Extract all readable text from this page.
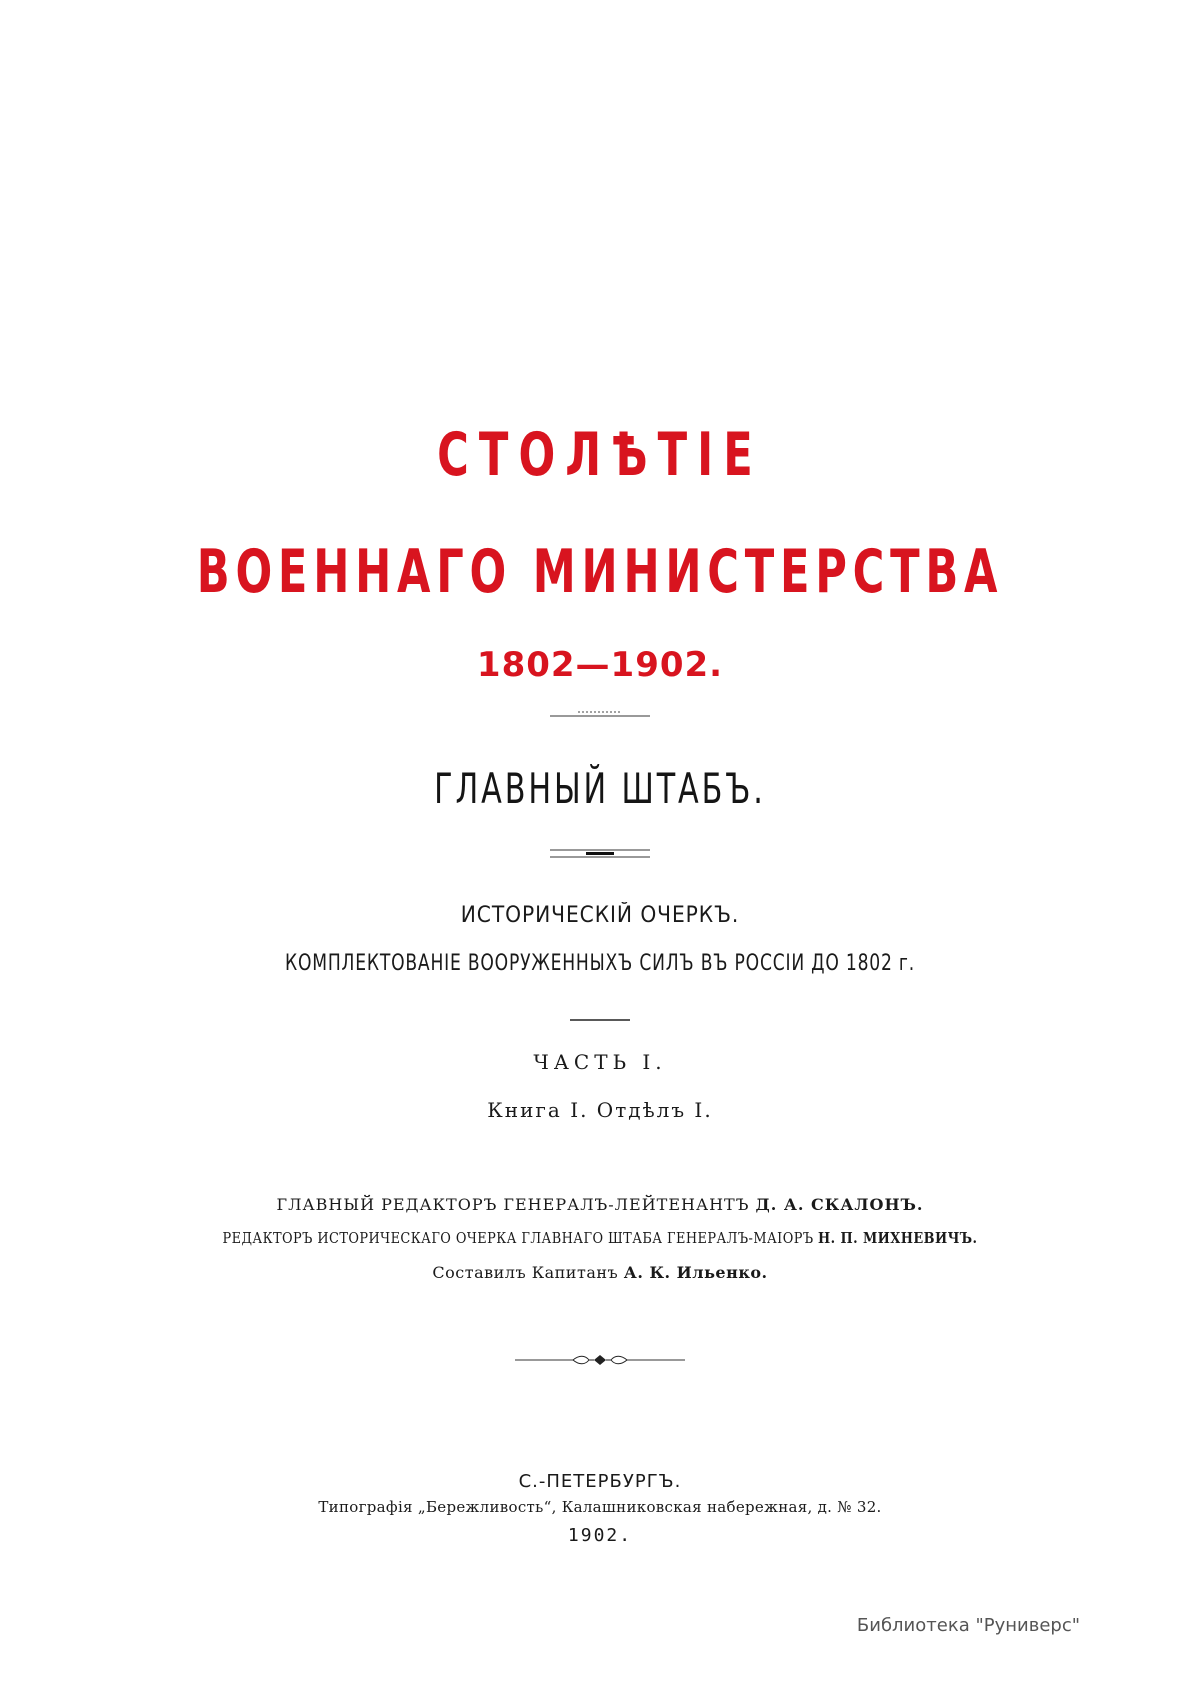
СТОЛѢТІЕ

ВОЕННАГО МИНИСТЕРСТВА

1802—1902.

ГЛАВНЫЙ ШТАБЪ.

ИСТОРИЧЕСКІЙ ОЧЕРКЪ.

КОМПЛЕКТОВАНІЕ ВООРУЖЕННЫХЪ СИЛЪ ВЪ РОССІИ ДО 1802 г.

ЧАСТЬ I.

Книга I. Отдѣлъ I.

ГЛАВНЫЙ РЕДАКТОРЪ ГЕНЕРАЛЪ-ЛЕЙТЕНАНТЪ Д. А. СКАЛОНЪ.

РЕДАКТОРЪ ИСТОРИЧЕСКАГО ОЧЕРКА ГЛАВНАГО ШТАБА ГЕНЕРАЛЪ-МАІОРЪ Н. П. МИХНЕВИЧЪ.

Составилъ Капитанъ А. К. Ильенко.

С.-ПЕТЕРБУРГЪ.

Типографія „Бережливость“, Калашниковская набережная, д. № 32.

1902.

Библиотека "Руниверс"
